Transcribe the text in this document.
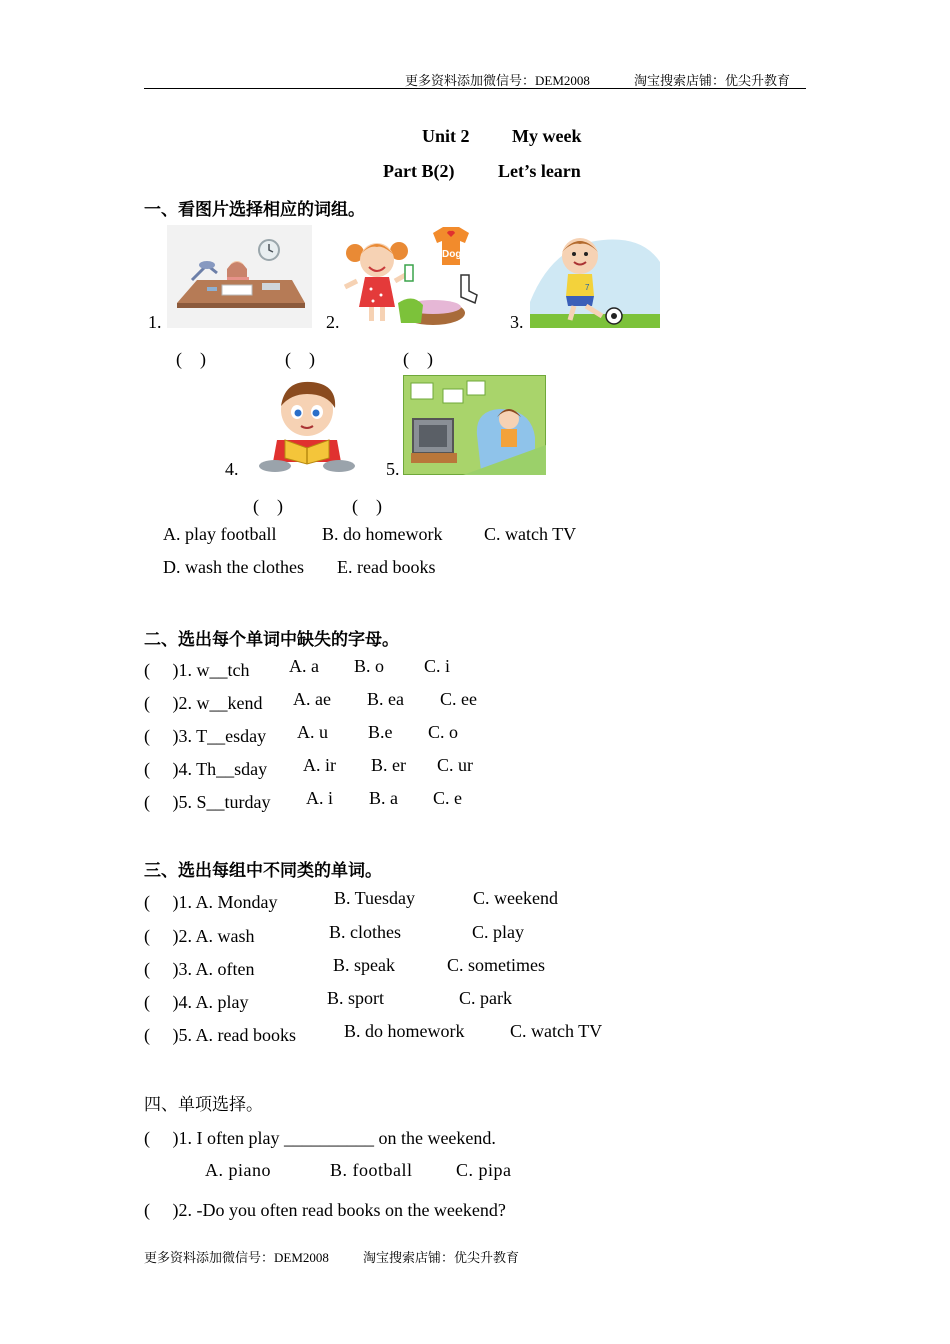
更多资料添加微信号：DEM2008	淘宝搜索店铺：优尖升教育
Unit 2 My week
Part B(2) Let’s learn
一、看图片选择相应的词组。
1.	2.	3.
Dog
7
(　)	(　)	(　)
4.	5.
(　)	(　)
A. play football	B. do homework C. watch TV
D. wash the clothes E. read books
二、选出每个单词中缺失的字母。
(　 )1. w__tch A. a B. o C. i
(　 )2. w__kend A. ae B. ea C. ee
(　 )3. T__esday A. u B.e C. o
(　 )4. Th__sday A. ir B. er C. ur
(　 )5. S__turday A. i B. a C. e
三、选出每组中不同类的单词。
(　 )1. A. Monday	B. Tuesday	C. weekend
(　 )2. A. wash	B. clothes	C. play
(　 )3. A. often	B. speak	C. sometimes
(　 )4. A. play	B. sport	C. park
(　 )5. A. read books	B. do homework	C. watch TV
四、单项选择。
(　 )1. I often play __________ on the weekend.
A. piano	B. football C. pipa
(　 )2. -Do you often read books on the weekend?
更多资料添加微信号：DEM2008	淘宝搜索店铺：优尖升教育
